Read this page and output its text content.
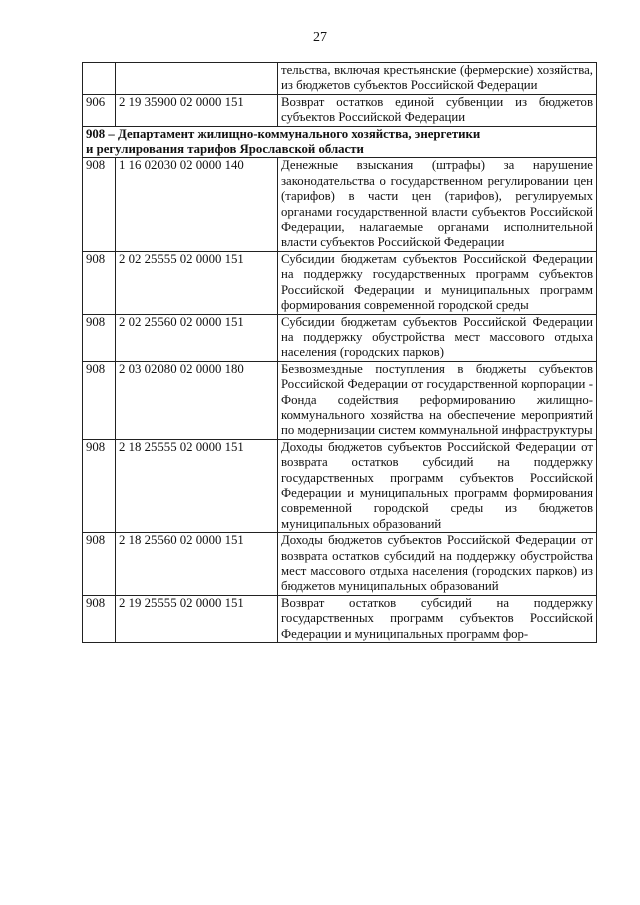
27
		тельства, включая крестьянские (фермерские) хозяйства, из бюджетов субъектов Российской Федерации
906	2 19 35900 02 0000 151	Возврат остатков единой субвенции из бюджетов субъектов Российской Федерации

908 – Департамент жилищно-коммунального хозяйства, энергетики
и регулирования тарифов Ярославской области		

908	1 16 02030 02 0000 140	Денежные взыскания (штрафы) за нарушение законодательства о государственном регулировании цен (тарифов) в части цен (тарифов), регулируемых органами государственной власти субъектов Российской Федерации, налагаемые органами исполнительной власти субъектов Российской Федерации
908	2 02 25555 02 0000 151	Субсидии бюджетам субъектов Российской Федерации на поддержку государственных программ субъектов Российской Федерации и муниципальных программ формирования современной городской среды
908	2 02 25560 02 0000 151	Субсидии бюджетам субъектов Российской Федерации на поддержку обустройства мест массового отдыха населения (городских парков)
908	2 03 02080 02 0000 180	Безвозмездные поступления в бюджеты субъектов Российской Федерации от государственной корпорации - Фонда содействия реформированию жилищно-коммунального хозяйства на обеспечение мероприятий по модернизации систем коммунальной инфраструктуры
908	2 18 25555 02 0000 151	Доходы бюджетов субъектов Российской Федерации от возврата остатков субсидий на поддержку государственных программ субъектов Российской Федерации и муниципальных программ формирования современной городской среды из бюджетов муниципальных образований
908	2 18 25560 02 0000 151	Доходы бюджетов субъектов Российской Федерации от возврата остатков субсидий на поддержку обустройства мест массового отдыха населения (городских парков) из бюджетов муниципальных образований
908	2 19 25555 02 0000 151	Возврат остатков субсидий на поддержку государственных программ субъектов Российской Федерации и муниципальных программ фор-
